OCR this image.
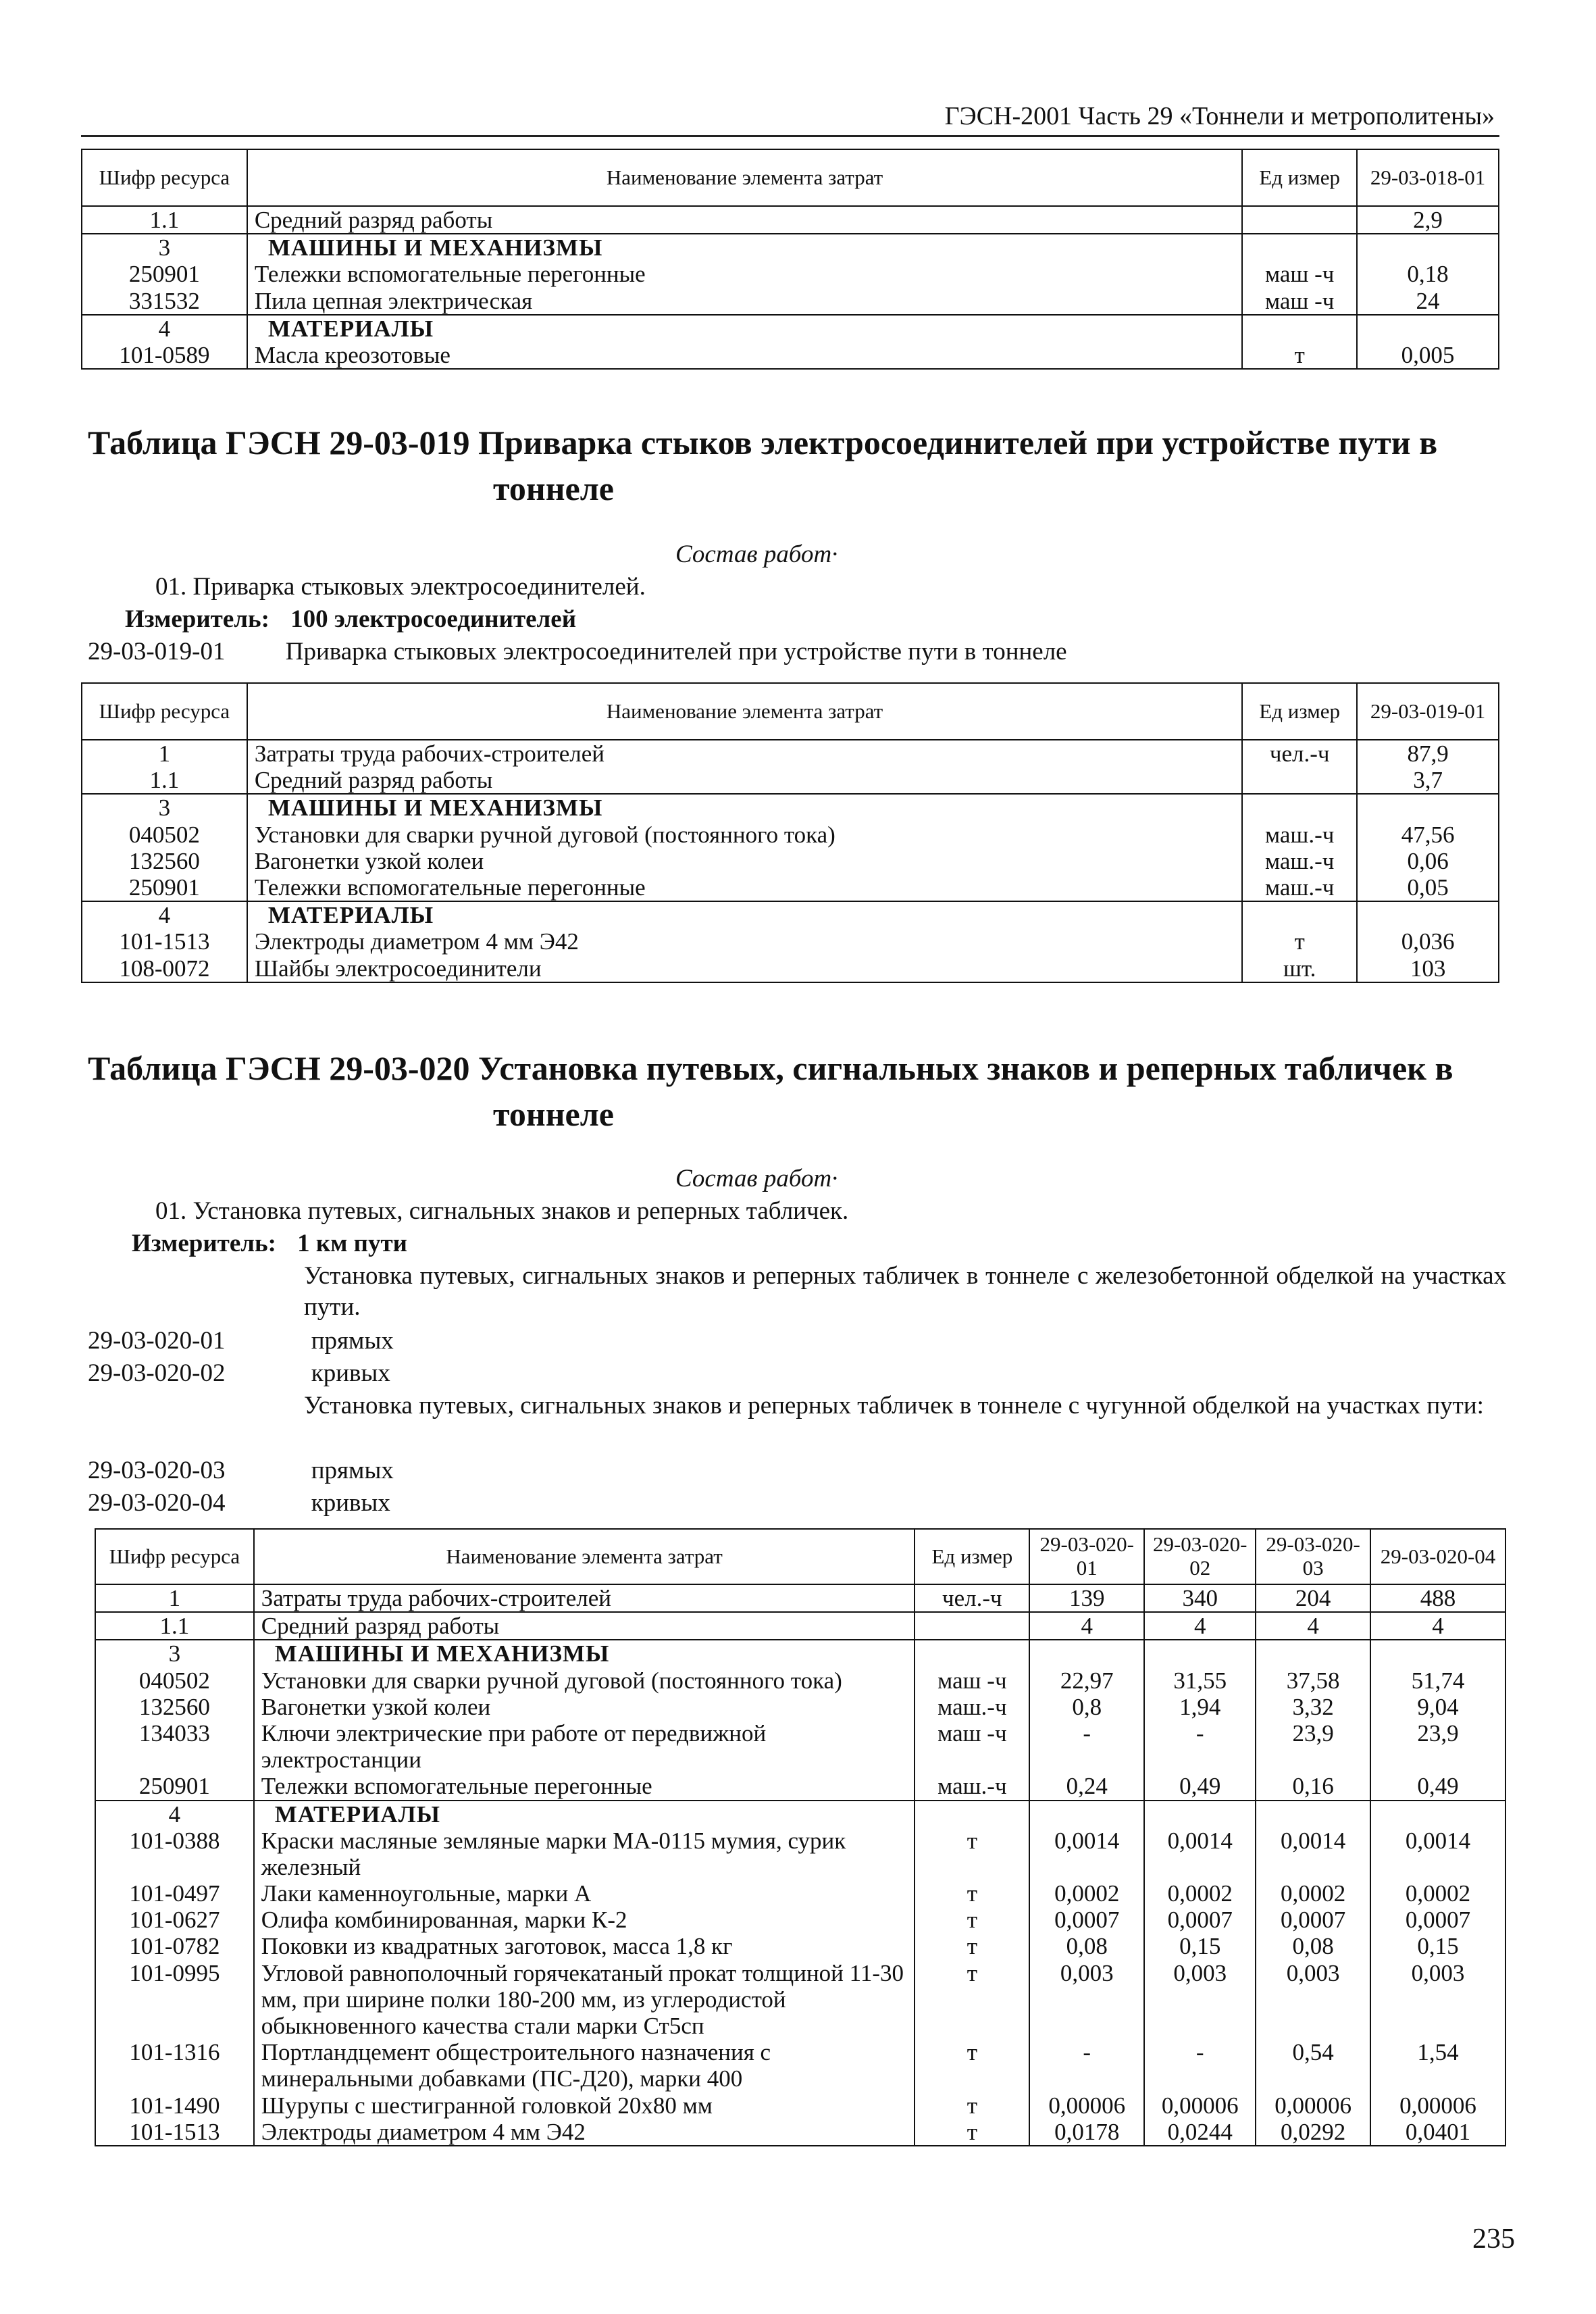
ГЭСН-2001 Часть 29 «Тоннели и метрополитены»
Шифр ресурса	Наименование элемента затрат	Ед измер	29-03-018-01
1.1	Средний разряд работы		2,9
3	МАШИНЫ И МЕХАНИЗМЫ		
250901	Тележки вспомогательные перегонные	маш -ч	0,18
331532	Пила цепная электрическая	маш -ч	24
4	МАТЕРИАЛЫ		
101-0589	Масла креозотовые	т	0,005
Таблица ГЭСН 29-03-019 Приварка стыков электросоединителей при устройстве пути в
тоннеле
Состав работ·
01. Приварка стыковых электросоединителей.
Измеритель: 100 электросоединителей
29-03-019-01 Приварка стыковых электросоединителей при устройстве пути в тоннеле
Шифр ресурса	Наименование элемента затрат	Ед измер	29-03-019-01
1	Затраты труда рабочих-строителей	чел.-ч	87,9
1.1	Средний разряд работы		3,7
3	МАШИНЫ И МЕХАНИЗМЫ		
040502	Установки для сварки ручной дуговой (постоянного тока)	маш.-ч	47,56
132560	Вагонетки узкой колеи	маш.-ч	0,06
250901	Тележки вспомогательные перегонные	маш.-ч	0,05
4	МАТЕРИАЛЫ		
101-1513	Электроды диаметром 4 мм Э42	т	0,036
108-0072	Шайбы электросоединители	шт.	103
Таблица ГЭСН 29-03-020 Установка путевых, сигнальных знаков и реперных табличек в
тоннеле
Состав работ·
01. Установка путевых, сигнальных знаков и реперных табличек.
Измеритель: 1 км пути
Установка путевых, сигнальных знаков и реперных табличек в тоннеле с железобетонной обделкой на участках пути.
29-03-020-01	прямых
29-03-020-02	кривых
Установка путевых, сигнальных знаков и реперных табличек в тоннеле с чугунной обделкой на участках пути:
29-03-020-03	прямых
29-03-020-04	кривых
Шифр ресурса	Наименование элемента затрат	Ед измер	29-03-020-01	29-03-020-02	29-03-020-03	29-03-020-04
1	Затраты труда рабочих-строителей	чел.-ч	139	340	204	488
1.1	Средний разряд работы		4	4	4	4
3	МАШИНЫ И МЕХАНИЗМЫ					
040502	Установки для сварки ручной дуговой (постоянного тока)	маш -ч	22,97	31,55	37,58	51,74
132560	Вагонетки узкой колеи	маш.-ч	0,8	1,94	3,32	9,04
134033	Ключи электрические при работе от передвижной электростанции	маш -ч	-	-	23,9	23,9
250901	Тележки вспомогательные перегонные	маш.-ч	0,24	0,49	0,16	0,49
4	МАТЕРИАЛЫ					
101-0388	Краски масляные земляные марки МА-0115 мумия, сурик железный	т	0,0014	0,0014	0,0014	0,0014
101-0497	Лаки каменноугольные, марки А	т	0,0002	0,0002	0,0002	0,0002
101-0627	Олифа комбинированная, марки К-2	т	0,0007	0,0007	0,0007	0,0007
101-0782	Поковки из квадратных заготовок, масса 1,8 кг	т	0,08	0,15	0,08	0,15
101-0995	Угловой равнополочный горячекатаный прокат толщиной 11-30 мм, при ширине полки 180-200 мм, из углеродистой обыкновенного качества стали марки Ст5сп	т	0,003	0,003	0,003	0,003
101-1316	Портландцемент общестроительного назначения с минеральными добавками (ПС-Д20), марки 400	т	-	-	0,54	1,54
101-1490	Шурупы с шестигранной головкой 20х80 мм	т	0,00006	0,00006	0,00006	0,00006
101-1513	Электроды диаметром 4 мм Э42	т	0,0178	0,0244	0,0292	0,0401
235
